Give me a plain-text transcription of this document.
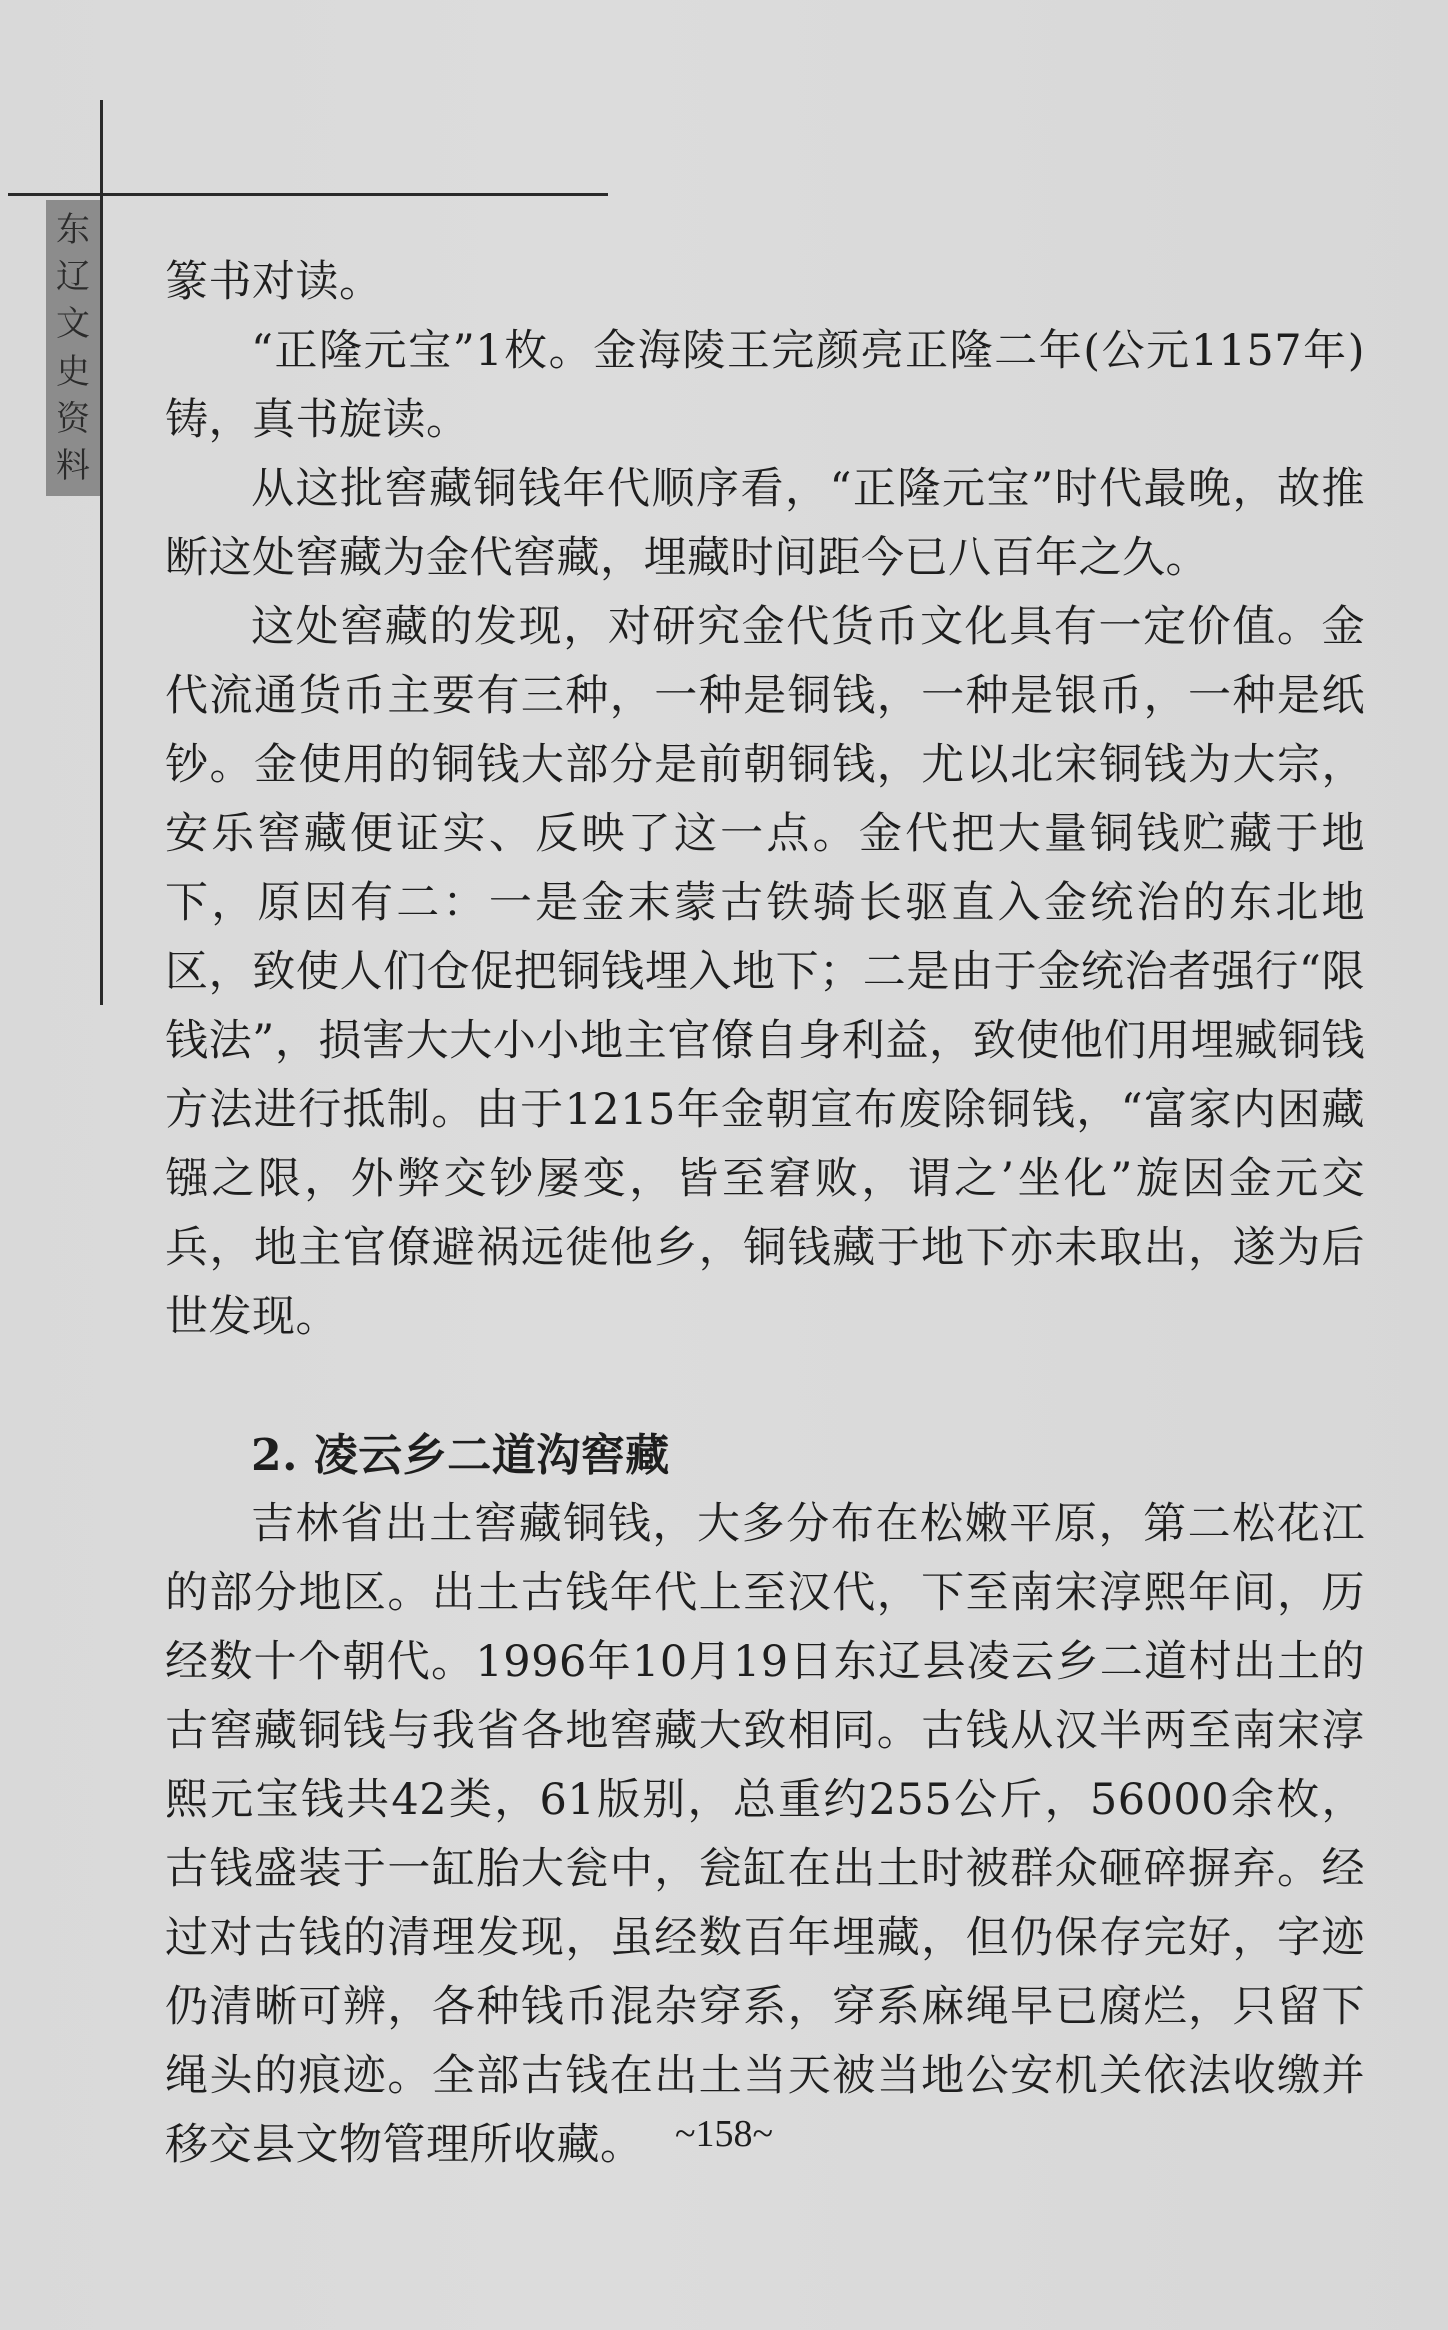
东
辽
文
史
资
料

篆书对读。

“正隆元宝”1枚。金海陵王完颜亮正隆二年(公元1157年)铸，真书旋读。

从这批窖藏铜钱年代顺序看，“正隆元宝”时代最晚，故推断这处窖藏为金代窖藏，埋藏时间距今已八百年之久。

这处窖藏的发现，对研究金代货币文化具有一定价值。金代流通货币主要有三种，一种是铜钱，一种是银币，一种是纸钞。金使用的铜钱大部分是前朝铜钱，尤以北宋铜钱为大宗，安乐窖藏便证实、反映了这一点。金代把大量铜钱贮藏于地下，原因有二：一是金末蒙古铁骑长驱直入金统治的东北地区，致使人们仓促把铜钱埋入地下；二是由于金统治者强行“限钱法”，损害大大小小地主官僚自身利益，致使他们用埋臧铜钱方法进行抵制。由于1215年金朝宣布废除铜钱，“富家内困藏镪之限，外弊交钞屡变，皆至窘败，谓之’坐化”旋因金元交兵，地主官僚避祸远徙他乡，铜钱藏于地下亦未取出，遂为后世发现。

2. 凌云乡二道沟窖藏

吉林省出土窖藏铜钱，大多分布在松嫩平原，第二松花江的部分地区。出土古钱年代上至汉代，下至南宋淳熙年间，历经数十个朝代。1996年10月19日东辽县凌云乡二道村出土的古窖藏铜钱与我省各地窖藏大致相同。古钱从汉半两至南宋淳熙元宝钱共42类，61版别，总重约255公斤，56000余枚，古钱盛装于一缸胎大瓮中，瓮缸在出土时被群众砸碎摒弃。经过对古钱的清理发现，虽经数百年埋藏，但仍保存完好，字迹仍清晰可辨，各种钱币混杂穿系，穿系麻绳早已腐烂，只留下绳头的痕迹。全部古钱在出土当天被当地公安机关依法收缴并移交县文物管理所收藏。 ~158~
